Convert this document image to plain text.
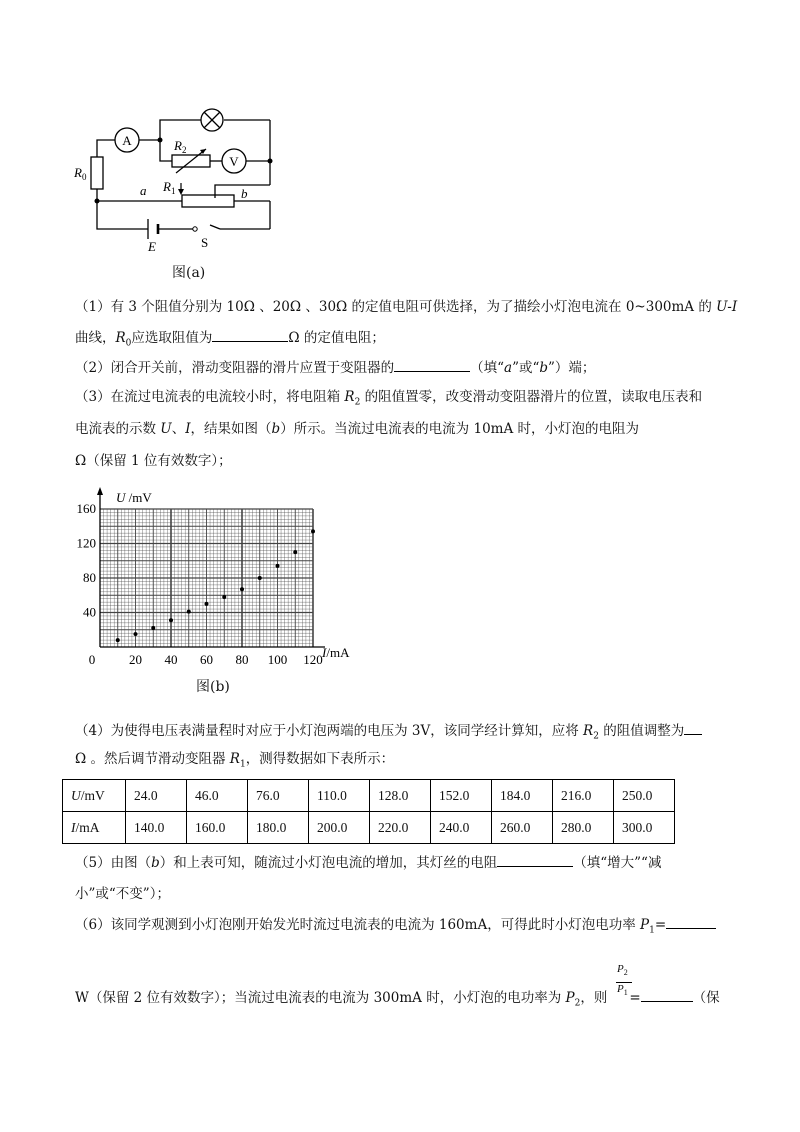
A	$R_2$
V
$R_0$
$R_1$
a	b
E	S
图(a)
（1）有 3 个阻值分别为 10Ω 、20Ω 、30Ω 的定值电阻可供选择，为了描绘小灯泡电流在 0~300mA 的 U-I
曲线，$R_0$应选取阻值为	Ω 的定值电阻；
（2）闭合开关前，滑动变阻器的滑片应置于变阻器的	（填“a”或“b”）端；
（3）在流过电流表的电流较小时，将电阻箱 $R_2$ 的阻值置零，改变滑动变阻器滑片的位置，读取电压表和
电流表的示数 U、I，结果如图（b）所示。当流过电流表的电流为 10mA 时，小灯泡的电阻为
Ω（保留 1 位有效数字）；
0	20 40 60 80 100 120
40
80
120
160
U /mV
I/mA
图(b)
（4）为使得电压表满量程时对应于小灯泡两端的电压为 3V，该同学经计算知，应将 $R_2$ 的阻值调整为
Ω 。然后调节滑动变阻器 $R_1$，测得数据如下表所示：
U/mV	24.0	46.0	76.0	110.0	128.0	152.0	184.0	216.0	250.0
I/mA	140.0	160.0	180.0	200.0	220.0	240.0	260.0	280.0	300.0
（5）由图（b）和上表可知，随流过小灯泡电流的增加，其灯丝的电阻	（填“增大”“减
小”或“不变”）；
（6）该同学观测到小灯泡刚开始发光时流过电流表的电流为 160mA，可得此时小灯泡电功率 $P_1=$
W（保留 2 位有效数字）；当流过电流表的电流为 300mA 时，小灯泡的电功率为 $P_2$，则 =	（保
$P_2$
$P_1$
